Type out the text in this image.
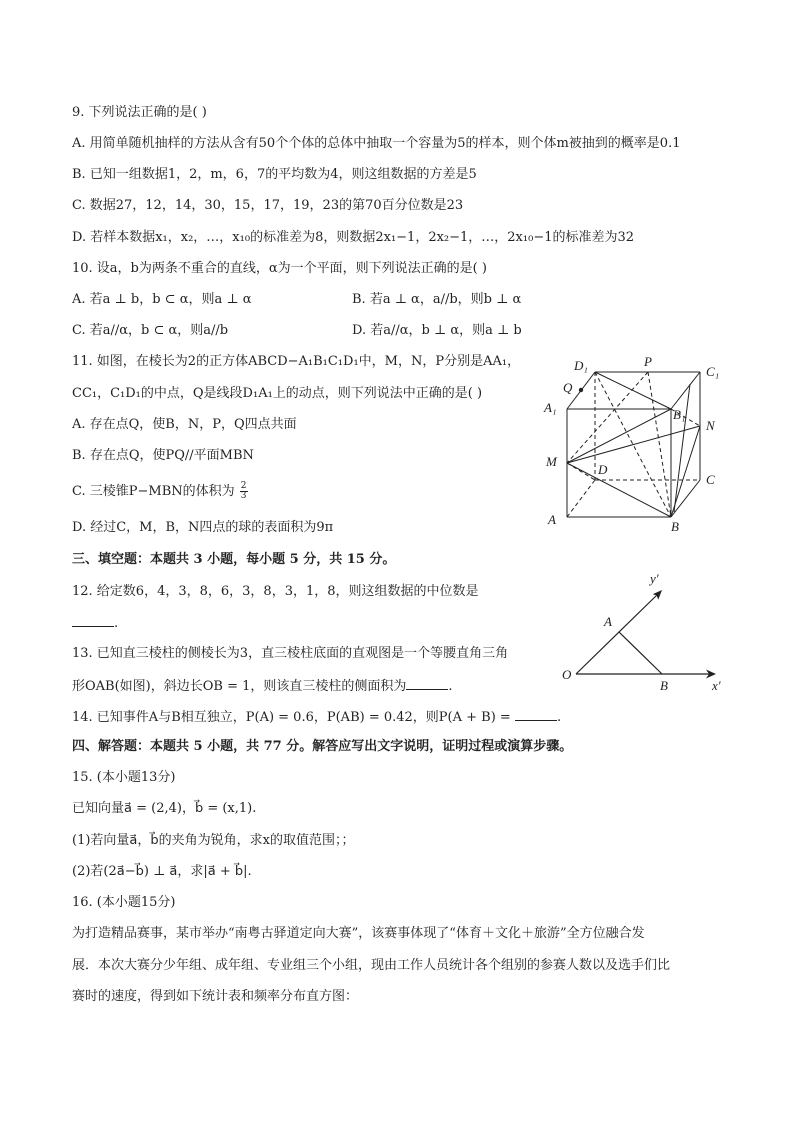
9. 下列说法正确的是( )
A. 用简单随机抽样的方法从含有50个个体的总体中抽取一个容量为5的样本，则个体m被抽到的概率是0.1
B. 已知一组数据1，2，m，6，7的平均数为4，则这组数据的方差是5
C. 数据27，12，14，30，15，17，19，23的第70百分位数是23
D. 若样本数据x₁，x₂，…，x₁₀的标准差为8，则数据2x₁−1，2x₂−1，…，2x₁₀−1的标准差为32
10. 设a，b为两条不重合的直线，α为一个平面，则下列说法正确的是( )
A. 若a ⊥ b，b ⊂ α，则a ⊥ α	B. 若a ⊥ α，a//b，则b ⊥ α
C. 若a//α，b ⊂ α，则a//b	D. 若a//α，b ⊥ α，则a ⊥ b
11. 如图，在棱长为2的正方体ABCD−A₁B₁C₁D₁中，M，N，P分别是AA₁，
CC₁，C₁D₁的中点，Q是线段D₁A₁上的动点，则下列说法中正确的是( )
A. 存在点Q，使B，N，P，Q四点共面
B. 存在点Q，使PQ//平面MBN
C. 三棱锥P−MBN的体积为 $\frac{2}{3}$
D. 经过C，M，B，N四点的球的表面积为9π
D₁	P
C₁
Q
A₁	B₁
N
M
D
C
A	B
三、填空题：本题共 3 小题，每小题 5 分，共 15 分。
12. 给定数6，4，3，8，6，3，8，3，1，8，则这组数据的中位数是
.
13. 已知直三棱柱的侧棱长为3，直三棱柱底面的直观图是一个等腰直角三角
形OAB(如图)，斜边长OB = 1，则该直三棱柱的侧面积为	.
y′
A
O
B	x′
14. 已知事件A与B相互独立，P(A) = 0.6，P(AB) = 0.42，则P(A + B) =	.
四、解答题：本题共 5 小题，共 77 分。解答应写出文字说明，证明过程或演算步骤。
15. (本小题13分)
已知向量a⃗ = (2,4)，b⃗ = (x,1).
(1)若向量a⃗，b⃗的夹角为锐角，求x的取值范围；；
(2)若(2a⃗−b⃗) ⊥ a⃗，求|a⃗ + b⃗|.
16. (本小题15分)
为打造精品赛事，某市举办“南粤古驿道定向大赛”，该赛事体现了“体育＋文化＋旅游”全方位融合发
展．本次大赛分少年组、成年组、专业组三个小组，现由工作人员统计各个组别的参赛人数以及选手们比
赛时的速度，得到如下统计表和频率分布直方图：
